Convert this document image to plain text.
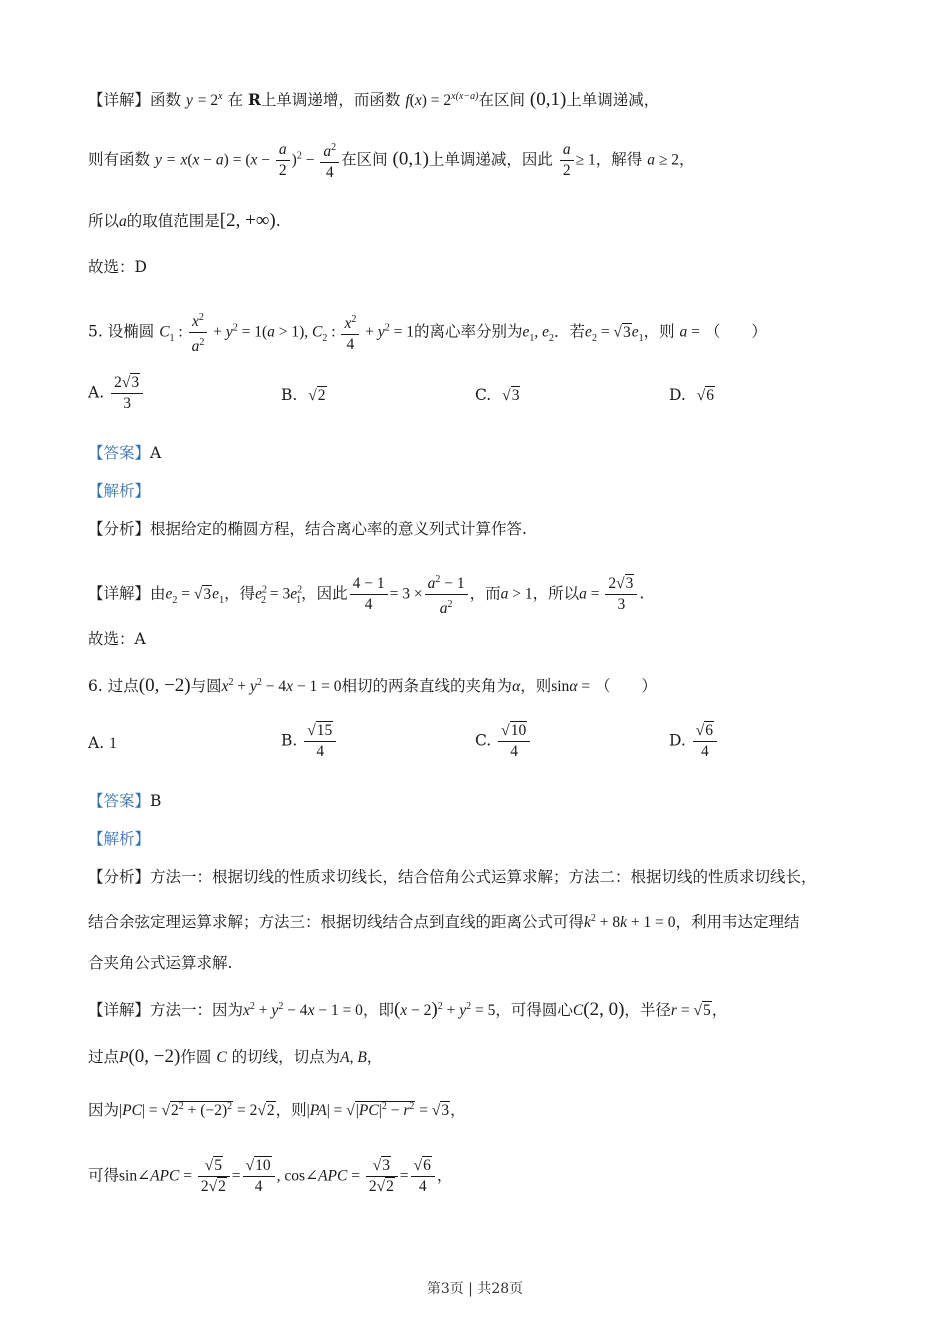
【详解】函数 $y = 2^x$ 在 R上单调递增，而函数 $f(x) = 2^{x(x-a)}$在区间 (0,1)上单调递减，
则有函数 $y = x(x - a) = (x - \frac{a}{2} )^2 - \frac{a^2}{4}$ 在区间 (0,1)上单调递减，因此 $\frac{a}{2} \ge 1$，解得 a ≥ 2，
所以a的取值范围是[2, +∞).
故选：D
5. 设椭圆 $C_1$ : $\frac{x^2}{a^2} + y^2 = 1(a > 1)$, $C_2$ : $\frac{x^2}{4} + y^2 = 1$的离心率分别为$e_1$, $e_2$．若$e_2 = √3e_1$，则 a = （　　）
A. $\frac{2√3}{3}$	B. √2	C. √3	D. √6
【答案】A
【解析】
【分析】根据给定的椭圆方程，结合离心率的意义列式计算作答.
【详解】由$e_2 = √3e_1$，得$e^2_2 = 3e^2_1$，因此 $\frac{4 - 1}{4} = 3 \times \frac{a^2 - 1}{a^2}$ ，而a > 1，所以$a = \frac{2√3}{3}$ .
故选：A
6. 过点(0, −2)与圆$x^2 + y^2 - 4x - 1 = 0$相切的两条直线的夹角为α，则sinα = （　　）
A. 1	B. $\frac{√15}{4}$	C. $\frac{√10}{4}$	D. $\frac{√6}{4}$
【答案】B
【解析】
【分析】方法一：根据切线的性质求切线长，结合倍角公式运算求解；方法二：根据切线的性质求切线长，
结合余弦定理运算求解；方法三：根据切线结合点到直线的距离公式可得$k^2 + 8k + 1 = 0$，利用韦达定理结
合夹角公式运算求解.
【详解】方法一：因为$x^2 + y^2 - 4x - 1 = 0$，即$(x - 2)^2 + y^2 = 5$，可得圆心C(2, 0)，半径r = √5，
过点P(0, −2)作圆 C 的切线，切点为A, B，
因为$|PC| = √2^2 + (-2)^2 = 2√2$，则$|PA| = √|PC|^2 - r^2 = √3$，
可得sin∠APC = $\frac{√5}{2√2} = \frac{√10}{4}$ , cos∠APC = $\frac{√3}{2√2} = \frac{√6}{4}$ ，
第3页 | 共28页
